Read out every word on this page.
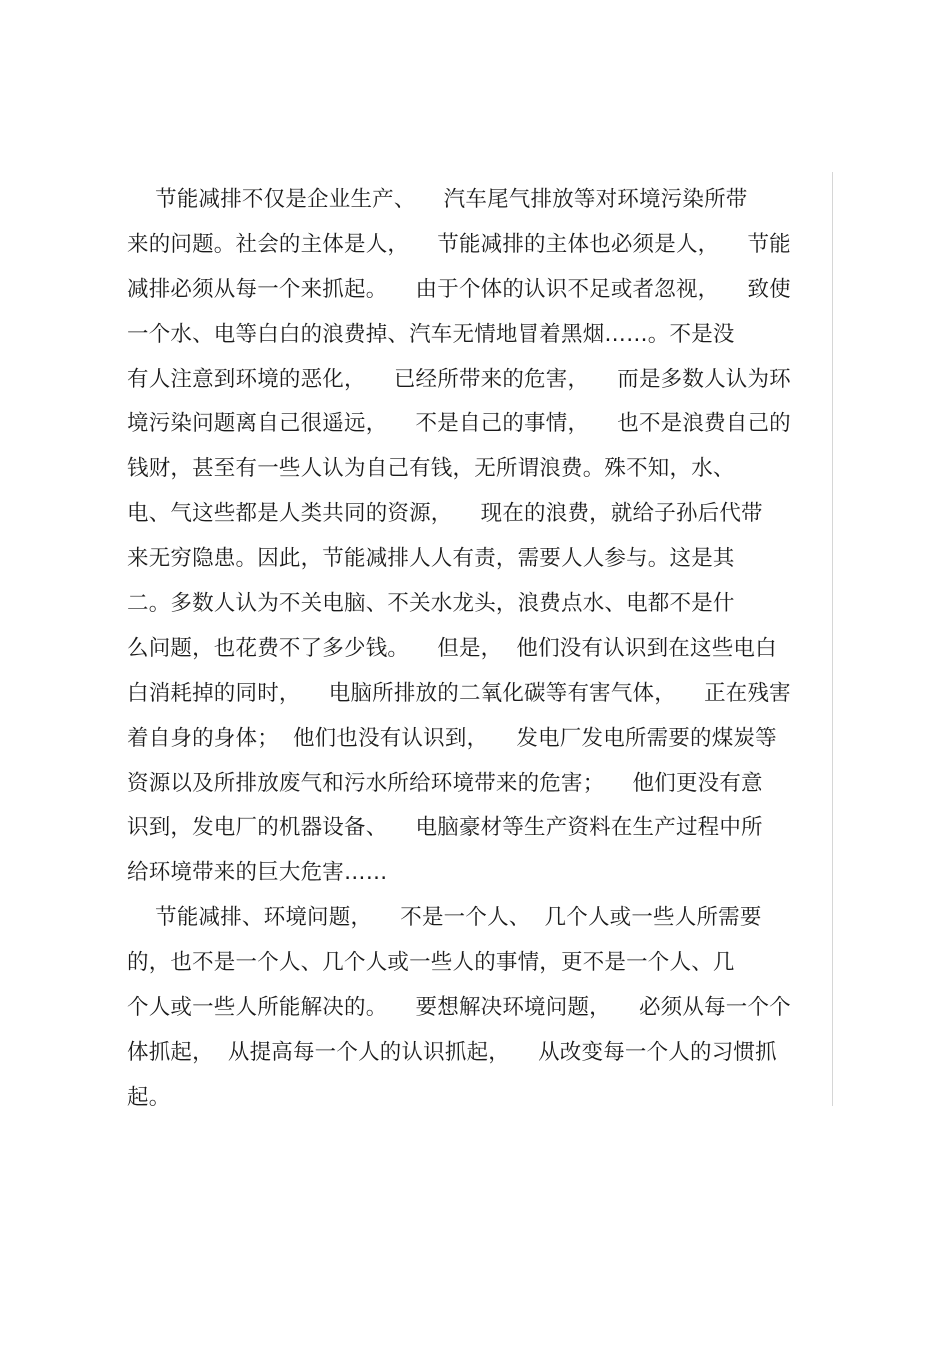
节能减排不仅是企业生产、    汽车尾气排放等对环境污染所带
来的问题。社会的主体是人，    节能减排的主体也必须是人，    节能
减排必须从每一个来抓起。    由于个体的认识不足或者忽视，    致使
一个水、电等白白的浪费掉、汽车无情地冒着黑烟……。不是没
有人注意到环境的恶化，    已经所带来的危害，    而是多数人认为环
境污染问题离自己很遥远，    不是自己的事情，    也不是浪费自己的
钱财，甚至有一些人认为自己有钱，无所谓浪费。殊不知，水、
电、气这些都是人类共同的资源，    现在的浪费，就给子孙后代带
来无穷隐患。因此，节能减排人人有责，需要人人参与。这是其
二。多数人认为不关电脑、不关水龙头，浪费点水、电都不是什
么问题，也花费不了多少钱。    但是，  他们没有认识到在这些电白
白消耗掉的同时，    电脑所排放的二氧化碳等有害气体，    正在残害
着自身的身体；  他们也没有认识到，    发电厂发电所需要的煤炭等
资源以及所排放废气和污水所给环境带来的危害；    他们更没有意
识到，发电厂的机器设备、    电脑豪材等生产资料在生产过程中所
给环境带来的巨大危害……
节能减排、环境问题，    不是一个人、  几个人或一些人所需要
的，也不是一个人、几个人或一些人的事情，更不是一个人、几
个人或一些人所能解决的。    要想解决环境问题，    必须从每一个个
体抓起，  从提高每一个人的认识抓起，    从改变每一个人的习惯抓
起。
